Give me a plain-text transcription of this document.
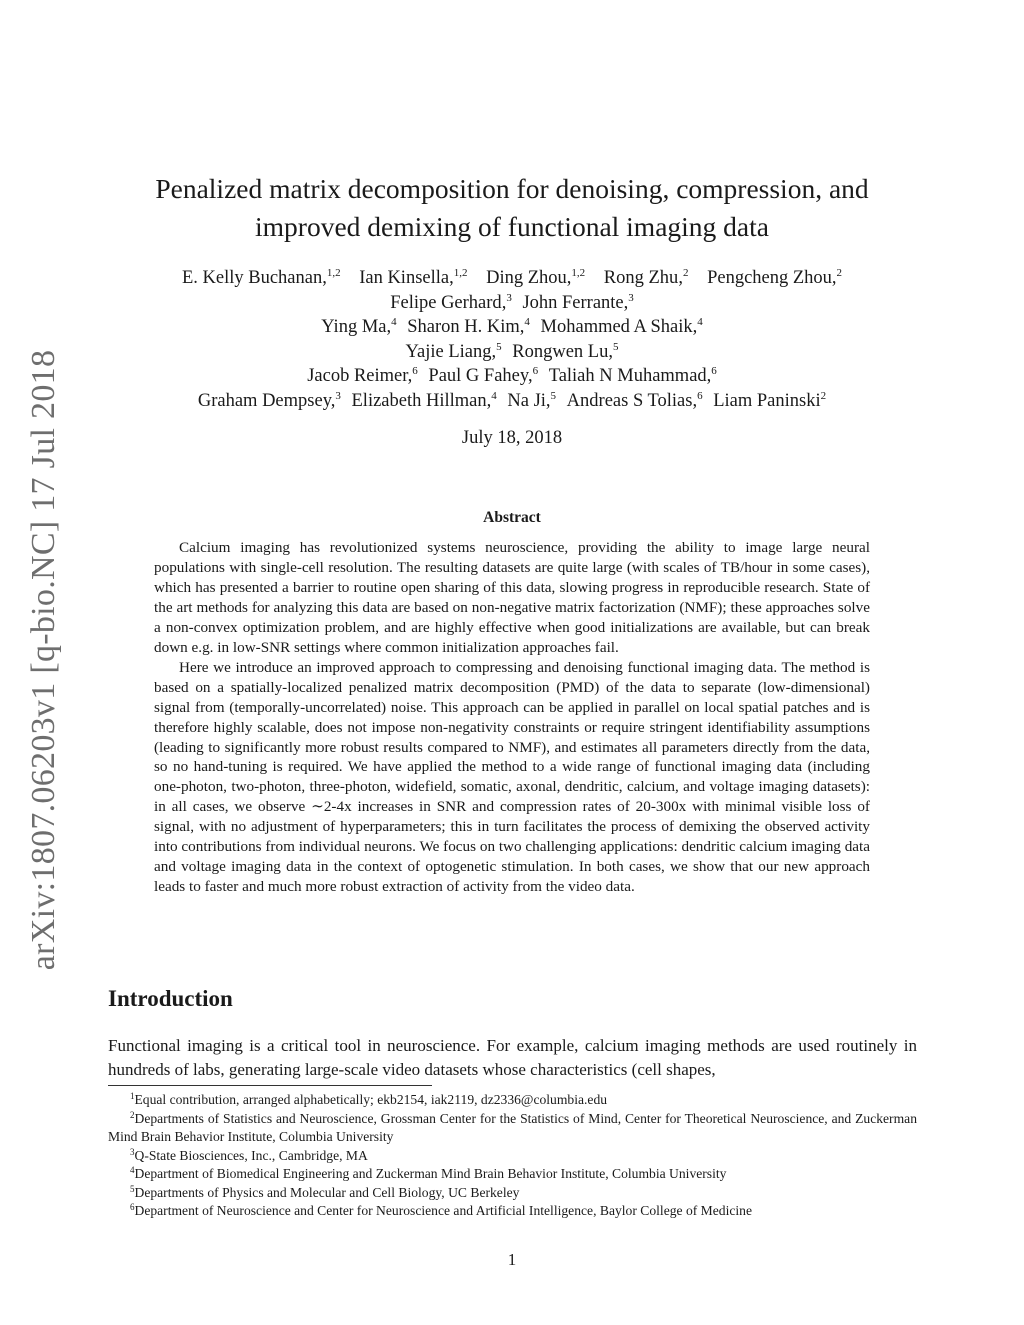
arXiv:1807.06203v1 [q-bio.NC] 17 Jul 2018
Penalized matrix decomposition for denoising, compression, and
improved demixing of functional imaging data
E. Kelly Buchanan,$^{1,2}$ Ian Kinsella,$^{1,2}$ Ding Zhou,$^{1,2}$ Rong Zhu,$^2$ Pengcheng Zhou,$^2$
Felipe Gerhard,$^3$ John Ferrante,$^3$
Ying Ma,$^4$ Sharon H. Kim,$^4$ Mohammed A Shaik,$^4$
Yajie Liang,$^5$ Rongwen Lu,$^5$
Jacob Reimer,$^6$ Paul G Fahey,$^6$ Taliah N Muhammad,$^6$
Graham Dempsey,$^3$ Elizabeth Hillman,$^4$ Na Ji,$^5$ Andreas S Tolias,$^6$ Liam Paninski$^2$
July 18, 2018
Abstract

Calcium imaging has revolutionized systems neuroscience, providing the ability to image large neural populations with single-cell resolution. The resulting datasets are quite large (with scales of TB/hour in some cases), which has presented a barrier to routine open sharing of this data, slowing progress in reproducible research. State of the art methods for analyzing this data are based on non-negative matrix factorization (NMF); these approaches solve a non-convex optimization problem, and are highly effective when good initializations are available, but can break down e.g. in low-SNR settings where common initialization approaches fail.

Here we introduce an improved approach to compressing and denoising functional imaging data. The method is based on a spatially-localized penalized matrix decomposition (PMD) of the data to separate (low-dimensional) signal from (temporally-uncorrelated) noise. This approach can be applied in parallel on local spatial patches and is therefore highly scalable, does not impose non-negativity constraints or require stringent identifiability assumptions (leading to significantly more robust results compared to NMF), and estimates all parameters directly from the data, so no hand-tuning is required. We have applied the method to a wide range of functional imaging data (including one-photon, two-photon, three-photon, widefield, somatic, axonal, dendritic, calcium, and voltage imaging datasets): in all cases, we observe ∼2-4x increases in SNR and compression rates of 20-300x with minimal visible loss of signal, with no adjustment of hyperparameters; this in turn facilitates the process of demixing the observed activity into contributions from individual neurons. We focus on two challenging applications: dendritic calcium imaging data and voltage imaging data in the context of optogenetic stimulation. In both cases, we show that our new approach leads to faster and much more robust extraction of activity from the video data.

Introduction

Functional imaging is a critical tool in neuroscience. For example, calcium imaging methods are used routinely in hundreds of labs, generating large-scale video datasets whose characteristics (cell shapes,

$^1$Equal contribution, arranged alphabetically; ekb2154, iak2119, dz2336@columbia.edu

$^2$Departments of Statistics and Neuroscience, Grossman Center for the Statistics of Mind, Center for Theoretical Neuroscience, and Zuckerman Mind Brain Behavior Institute, Columbia University

$^3$Q-State Biosciences, Inc., Cambridge, MA

$^4$Department of Biomedical Engineering and Zuckerman Mind Brain Behavior Institute, Columbia University

$^5$Departments of Physics and Molecular and Cell Biology, UC Berkeley

$^6$Department of Neuroscience and Center for Neuroscience and Artificial Intelligence, Baylor College of Medicine

1
